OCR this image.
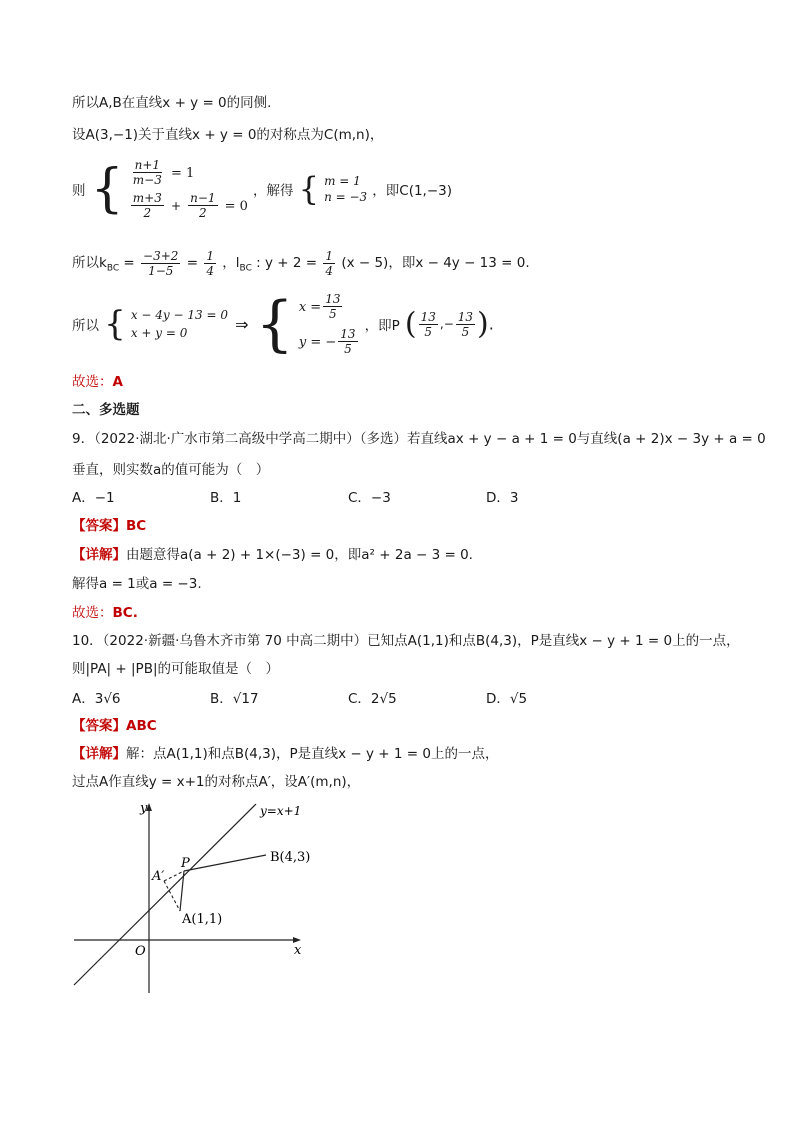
所以A,B在直线x + y = 0的同侧.
设A(3,−1)关于直线x + y = 0的对称点为C(m,n)，
则 { $\frac{n+1}{m-3} = 1$
$\frac{m+3}{2} + \frac{n-1}{2} = 0$
，解得 { m = 1
n = −3 ，即C(1,−3)
所以$k_{BC} = \frac{-3+2}{1-5} = \frac{1}{4}$ ，$l_{BC}$ : $y + 2 = \frac{1}{4} (x - 5)$，即x − 4y − 13 = 0.
所以 { x − 4y − 13 = 0
x + y = 0	⇒ { $x = \frac{13}{5}$
y = − $\frac{13}{5}$
，即P ( $\frac{13}{5}$ ,− $\frac{13}{5}$ ).
故选：A
二、多选题
9．（2022·湖北·广水市第二高级中学高二期中）（多选）若直线ax + y − a + 1 = 0与直线(a + 2)x − 3y + a = 0
垂直，则实数a的值可能为（　）
A．−1	B．1	C．−3	D．3
【答案】BC
【详解】由题意得a(a + 2) + 1×(−3) = 0，即a² + 2a − 3 = 0.
解得a = 1或a = −3.
故选：BC.
10．（2022·新疆·乌鲁木齐市第 70 中高二期中）已知点A(1,1)和点B(4,3)，P是直线x − y + 1 = 0上的一点，
则|PA| + |PB|的可能取值是（　）
A．3√6	B．√17	C．2√5	D．√5
【答案】ABC
【详解】解：点A(1,1)和点B(4,3)，P是直线x − y + 1 = 0上的一点，
过点A作直线y = x+1的对称点A′，设A′(m,n)，
y
x
O
y=x+1
B(4,3)
A(1,1)
A′
P
